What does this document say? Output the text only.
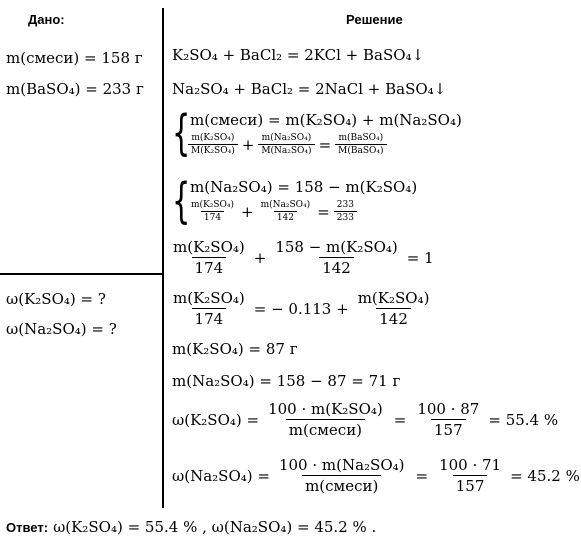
Дано:
m(смеси) = 158 г
m(BaSO₄) = 233 г
ω(K₂SO₄) = ?
ω(Na₂SO₄) = ?
Решение
K₂SO₄ + BaCl₂ = 2KCl + BaSO₄↓
Na₂SO₄ + BaCl₂ = 2NaCl + BaSO₄↓
{ m(смеси) = m(K₂SO₄) + m(Na₂SO₄)
$\frac{\text{m(K₂SO₄)}}{\text{M(K₂SO₄)}} + \frac{\text{m(Na₂SO₄)}}{\text{M(Na₂SO₄)}} = \frac{\text{m(BaSO₄)}}{\text{M(BaSO₄)}}$
{ m(Na₂SO₄) = 158 − m(K₂SO₄)
$\frac{\text{m(K₂SO₄)}}{174} + \frac{\text{m(Na₂SO₄)}}{142} = \frac{233}{233}$
$\frac{\text{m(K₂SO₄)}}{174} + \frac{\text{158 − m(K₂SO₄)}}{142} = 1$
$\frac{\text{m(K₂SO₄)}}{174}$ = − $0.113 + \frac{\text{m(K₂SO₄)}}{142}$
m(K₂SO₄) = 87 г
m(Na₂SO₄) = 158 − 87 = 71 г
$\omega(K_2SO_4) = \frac{\text{100 · m(K₂SO₄)}}{\text{m(смеси)}} = \frac{100 \cdot 87}{157} = 55.4$ %
$\omega(Na_2SO_4) = \frac{\text{100 · m(Na₂SO₄)}}{\text{m(смеси)}} = \frac{100 \cdot 71}{157} = 45.2$ %
Ответ: ω(K₂SO₄) = 55.4 % , ω(Na₂SO₄) = 45.2 % .
